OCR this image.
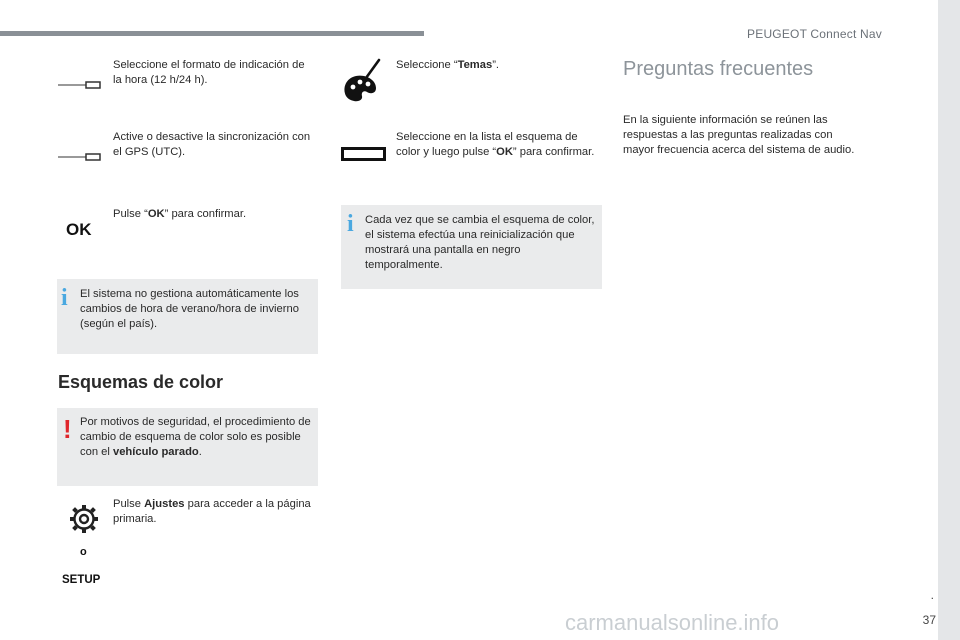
PEUGEOT Connect Nav
.
37
Seleccione el formato de indicación de la hora (12 h/24 h).
Active o desactive la sincronización con el GPS (UTC).
OK
Pulse “OK” para confirmar.
i El sistema no gestiona automáticamente los cambios de hora de verano/hora de invierno (según el país).
Esquemas de color
! Por motivos de seguridad, el procedimiento de cambio de esquema de color solo es posible con el vehículo parado.
Pulse Ajustes para acceder a la página primaria.
o
SETUP
Seleccione “Temas”.
Seleccione en la lista el esquema de color y luego pulse “OK” para confirmar.
i Cada vez que se cambia el esquema de color, el sistema efectúa una reinicialización que mostrará una pantalla en negro temporalmente.
Preguntas frecuentes
En la siguiente información se reúnen las respuestas a las preguntas realizadas con mayor frecuencia acerca del sistema de audio.
carmanualsonline.info
